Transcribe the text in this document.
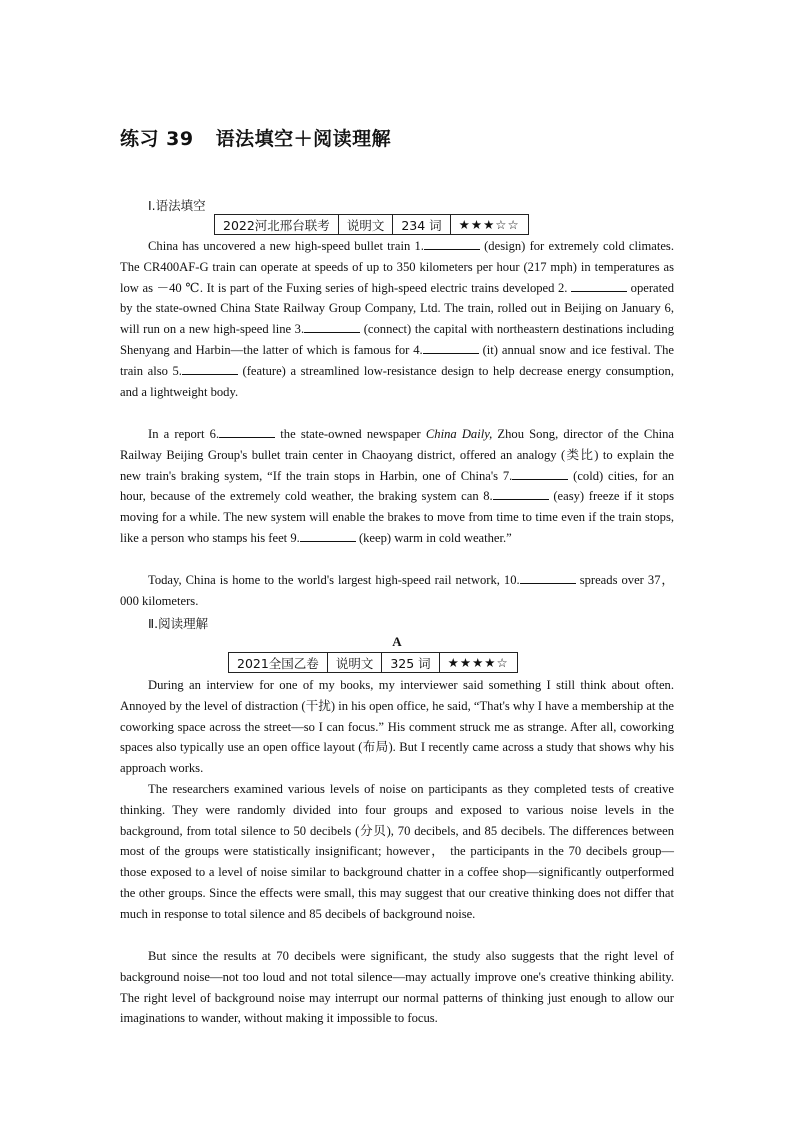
练习 39 语法填空＋阅读理解
Ⅰ.语法填空
2022河北邢台联考	说明文	234 词	★★★☆☆

China has uncovered a new high-speed bullet train 1.	(design) for extremely cold climates. The CR400AF-G train can operate at speeds of up to 350 kilometers per hour (217 mph) in temperatures as low as －40 ℃. It is part of the Fuxing series of high-speed electric trains developed 2.	operated by the state-owned China State Railway Group Company, Ltd. The train, rolled out in Beijing on January 6, will run on a new high-speed line 3.	(connect) the capital with northeastern destinations including Shenyang and Harbin—the latter of which is famous for 4.	(it) annual snow and ice festival. The train also 5.	(feature) a streamlined low-resistance design to help decrease energy consumption, and a lightweight body.

In a report 6.	the state-owned newspaper China Daily, Zhou Song, director of the China Railway Beijing Group's bullet train center in Chaoyang district, offered an analogy (类比) to explain the new train's braking system, “If the train stops in Harbin, one of China's 7.	(cold) cities, for an hour, because of the extremely cold weather, the braking system can 8.	(easy) freeze if it stops moving for a while. The new system will enable the brakes to move from time to time even if the train stops, like a person who stamps his feet 9.	(keep) warm in cold weather.”

Today, China is home to the world's largest high-speed rail network, 10.	spreads over 37，000 kilometers.

Ⅱ.阅读理解
A
2021全国乙卷	说明文	325 词	★★★★☆

During an interview for one of my books, my interviewer said something I still think about often. Annoyed by the level of distraction (干扰) in his open office, he said, “That's why I have a membership at the coworking space across the street—so I can focus.” His comment struck me as strange. After all, coworking spaces also typically use an open office layout (布局). But I recently came across a study that shows why his approach works.

The researchers examined various levels of noise on participants as they completed tests of creative thinking. They were randomly divided into four groups and exposed to various noise levels in the background, from total silence to 50 decibels (分贝), 70 decibels, and 85 decibels. The differences between most of the groups were statistically insignificant; however， the participants in the 70 decibels group—those exposed to a level of noise similar to background chatter in a coffee shop—significantly outperformed the other groups. Since the effects were small, this may suggest that our creative thinking does not differ that much in response to total silence and 85 decibels of background noise.

But since the results at 70 decibels were significant, the study also suggests that the right level of background noise—not too loud and not total silence—may actually improve one's creative thinking ability. The right level of background noise may interrupt our normal patterns of thinking just enough to allow our imaginations to wander, without making it impossible to focus.
